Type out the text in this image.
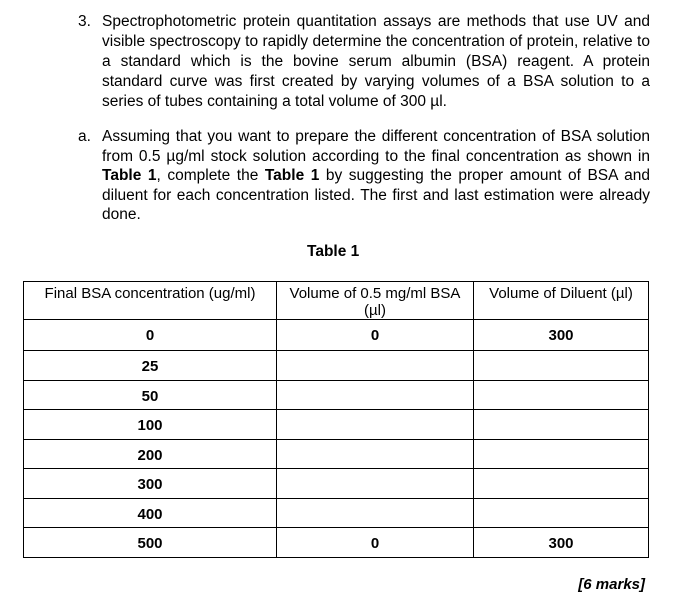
3. Spectrophotometric protein quantitation assays are methods that use UV and visible spectroscopy to rapidly determine the concentration of protein, relative to a standard which is the bovine serum albumin (BSA) reagent. A protein standard curve was first created by varying volumes of a BSA solution to a series of tubes containing a total volume of 300 µl.
a. Assuming that you want to prepare the different concentration of BSA solution from 0.5 µg/ml stock solution according to the final concentration as shown in Table 1, complete the Table 1 by suggesting the proper amount of BSA and diluent for each concentration listed. The first and last estimation were already done.
Table 1
Final BSA concentration (ug/ml)	Volume of 0.5 mg/ml BSA (µl)	Volume of Diluent (µl)
0	0	300
25		
50		
100		
200		
300		
400		
500	0	300
[6 marks]
